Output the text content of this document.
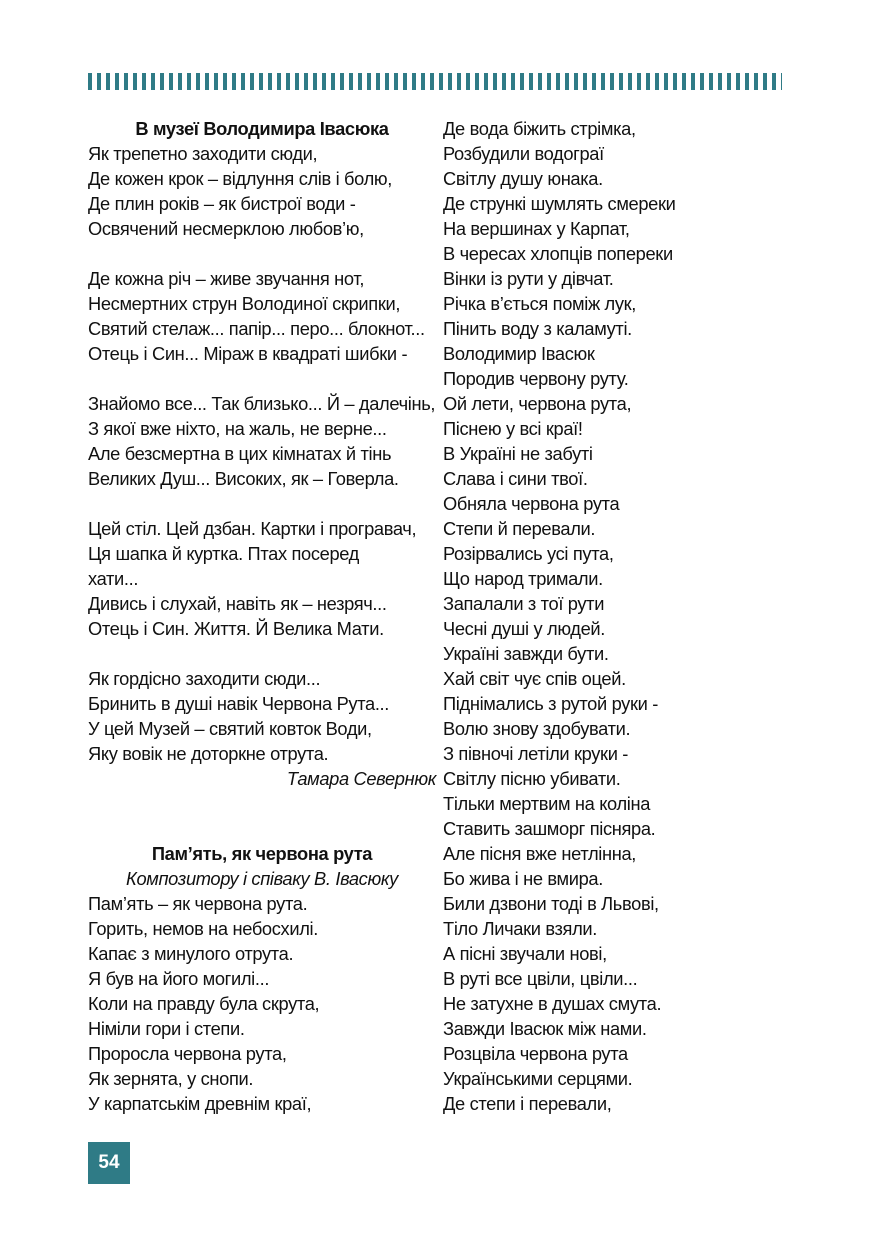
В музеї Володимира Івасюка
Як трепетно заходити сюди,
Де кожен крок – відлуння слів і болю,
Де плин років – як бистрої води -
Освячений несмерклою любов’ю,
Де кожна річ – живе звучання нот,
Несмертних струн Володиної скрипки,
Святий стелаж... папір... перо... блокнот...
Отець і Син... Міраж в квадраті шибки -
Знайомо все... Так близько... Й – далечінь,
З якої вже ніхто, на жаль, не верне...
Але безсмертна в цих кімнатах й тінь
Великих Душ... Високих, як – Говерла.
Цей стіл. Цей дзбан. Картки і програвач,
Ця шапка й куртка. Птах посеред
хати...
Дивись і слухай, навіть як – незряч...
Отець і Син. Життя. Й Велика Мати.
Як гордісно заходити сюди...
Бринить в душі навік Червона Рута...
У цей Музей – святий ковток Води,
Яку вовік не доторкне отрута.
Тамара Севернюк
Пам’ять, як червона рута
Композитору і співаку В. Івасюку
Пам’ять – як червона рута.
Горить, немов на небосхилі.
Капає з минулого отрута.
Я був на його могилі...
Коли на правду була скрута,
Німіли гори і степи.
Проросла червона рута,
Як зернята, у снопи.
У карпатськім древнім краї,
Де вода біжить стрімка,
Розбудили водограї
Світлу душу юнака.
Де стрункі шумлять смереки
На вершинах у Карпат,
В чересах хлопців попереки
Вінки із рути у дівчат.
Річка в’ється поміж лук,
Пінить воду з каламуті.
Володимир Івасюк
Породив червону руту.
Ой лети, червона рута,
Піснею у всі краї!
В Україні не забуті
Слава і сини твої.
Обняла червона рута
Степи й перевали.
Розірвались усі пута,
Що народ тримали.
Запалали з тої рути
Чесні душі у людей.
Україні завжди бути.
Хай світ чує спів оцей.
Піднімались з рутой руки -
Волю знову здобувати.
З півночі летіли круки -
Світлу пісню убивати.
Тільки мертвим на коліна
Ставить зашморг пісняра.
Але пісня вже нетлінна,
Бо жива і не вмира.
Били дзвони тоді в Львові,
Тіло Личаки взяли.
А пісні звучали нові,
В руті все цвіли, цвіли...
Не затухне в душах смута.
Завжди Івасюк між нами.
Розцвіла червона рута
Українськими серцями.
Де степи і перевали,
54
